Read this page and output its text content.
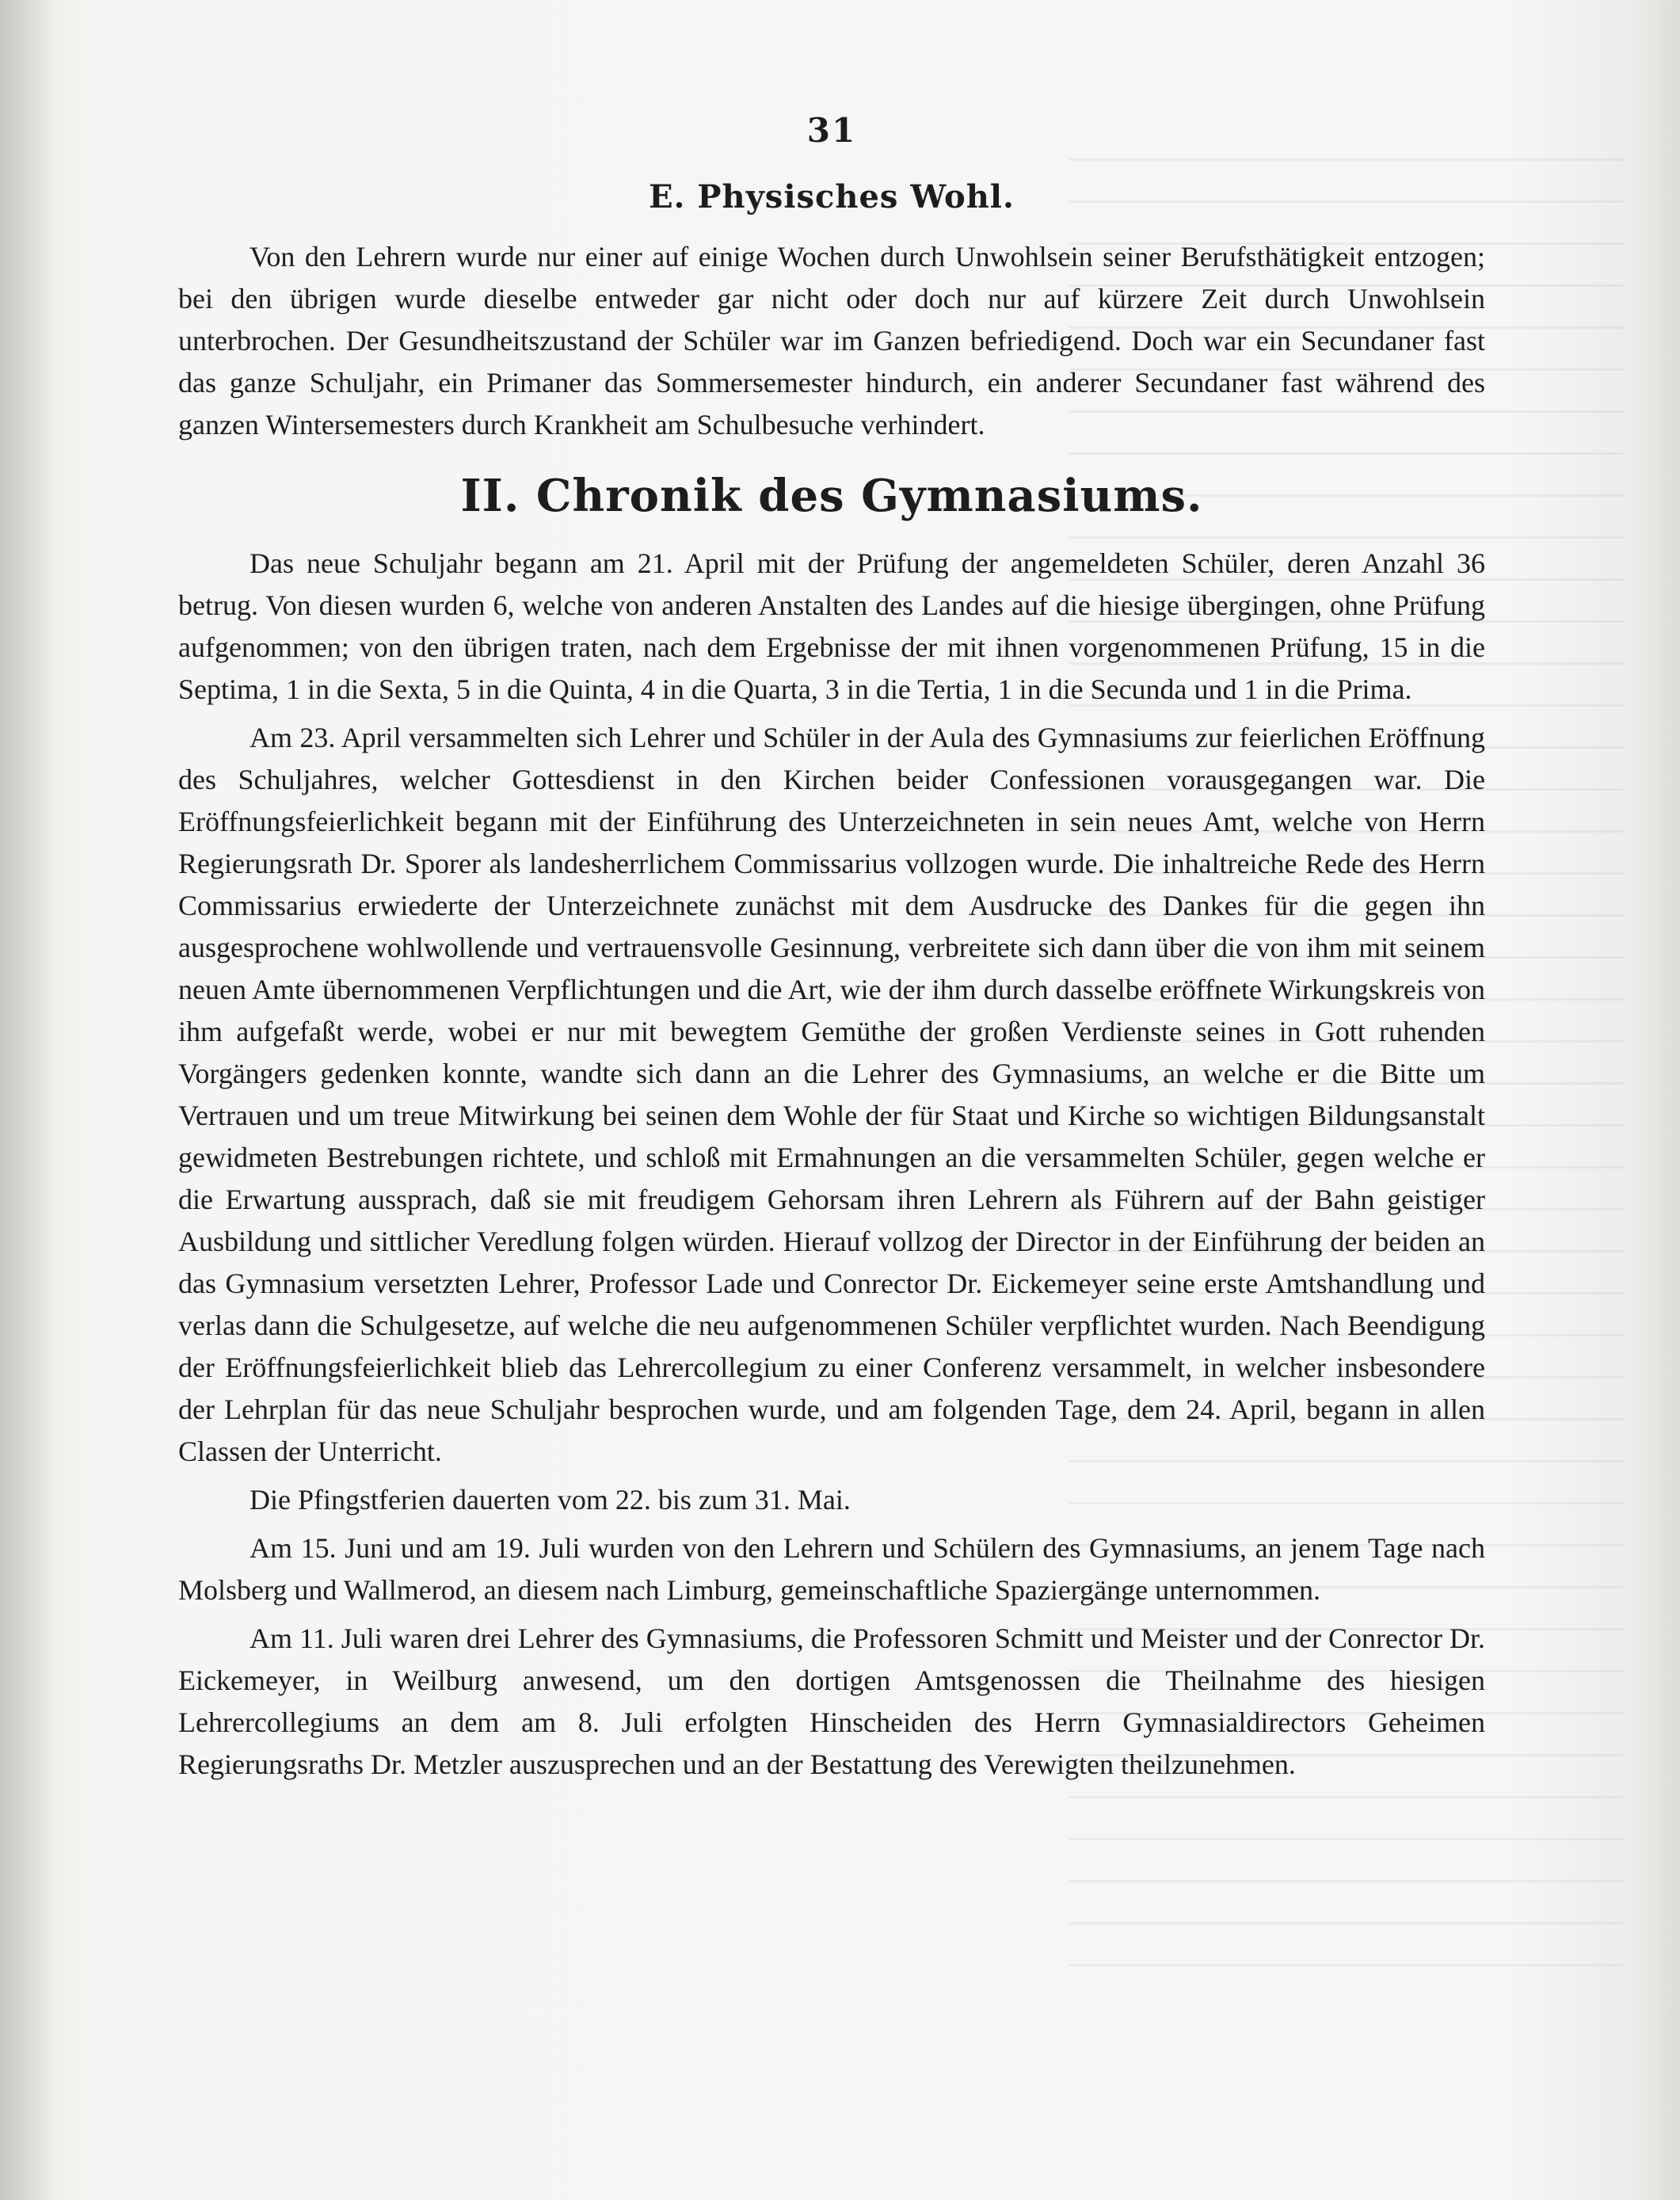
31
E. Physisches Wohl.

Von den Lehrern wurde nur einer auf einige Wochen durch Unwohlsein seiner Berufsthätigkeit entzogen; bei den übrigen wurde dieselbe entweder gar nicht oder doch nur auf kürzere Zeit durch Unwohlsein unterbrochen. Der Gesundheitszustand der Schüler war im Ganzen befriedigend. Doch war ein Secundaner fast das ganze Schuljahr, ein Primaner das Sommersemester hindurch, ein anderer Secundaner fast während des ganzen Wintersemesters durch Krankheit am Schulbesuche verhindert.

II. Chronik des Gymnasiums.

Das neue Schuljahr begann am 21. April mit der Prüfung der angemeldeten Schüler, deren Anzahl 36 betrug. Von diesen wurden 6, welche von anderen Anstalten des Landes auf die hiesige übergingen, ohne Prüfung aufgenommen; von den übrigen traten, nach dem Ergebnisse der mit ihnen vorgenommenen Prüfung, 15 in die Septima, 1 in die Sexta, 5 in die Quinta, 4 in die Quarta, 3 in die Tertia, 1 in die Secunda und 1 in die Prima.

Am 23. April versammelten sich Lehrer und Schüler in der Aula des Gymnasiums zur feierlichen Eröffnung des Schuljahres, welcher Gottesdienst in den Kirchen beider Confessionen vorausgegangen war. Die Eröffnungsfeierlichkeit begann mit der Einführung des Unterzeichneten in sein neues Amt, welche von Herrn Regierungsrath Dr. Sporer als landesherrlichem Commissarius vollzogen wurde. Die inhaltreiche Rede des Herrn Commissarius erwiederte der Unterzeichnete zunächst mit dem Ausdrucke des Dankes für die gegen ihn ausgesprochene wohlwollende und vertrauensvolle Gesinnung, verbreitete sich dann über die von ihm mit seinem neuen Amte übernommenen Verpflichtungen und die Art, wie der ihm durch dasselbe eröffnete Wirkungskreis von ihm aufgefaßt werde, wobei er nur mit bewegtem Gemüthe der großen Verdienste seines in Gott ruhenden Vorgängers gedenken konnte, wandte sich dann an die Lehrer des Gymnasiums, an welche er die Bitte um Vertrauen und um treue Mitwirkung bei seinen dem Wohle der für Staat und Kirche so wichtigen Bildungsanstalt gewidmeten Bestrebungen richtete, und schloß mit Ermahnungen an die versammelten Schüler, gegen welche er die Erwartung aussprach, daß sie mit freudigem Gehorsam ihren Lehrern als Führern auf der Bahn geistiger Ausbildung und sittlicher Veredlung folgen würden. Hierauf vollzog der Director in der Einführung der beiden an das Gymnasium versetzten Lehrer, Professor Lade und Conrector Dr. Eickemeyer seine erste Amtshandlung und verlas dann die Schulgesetze, auf welche die neu aufgenommenen Schüler verpflichtet wurden. Nach Beendigung der Eröffnungsfeierlichkeit blieb das Lehrercollegium zu einer Conferenz versammelt, in welcher insbesondere der Lehrplan für das neue Schuljahr besprochen wurde, und am folgenden Tage, dem 24. April, begann in allen Classen der Unterricht.

Die Pfingstferien dauerten vom 22. bis zum 31. Mai.

Am 15. Juni und am 19. Juli wurden von den Lehrern und Schülern des Gymnasiums, an jenem Tage nach Molsberg und Wallmerod, an diesem nach Limburg, gemeinschaftliche Spaziergänge unternommen.

Am 11. Juli waren drei Lehrer des Gymnasiums, die Professoren Schmitt und Meister und der Conrector Dr. Eickemeyer, in Weilburg anwesend, um den dortigen Amtsgenossen die Theilnahme des hiesigen Lehrercollegiums an dem am 8. Juli erfolgten Hinscheiden des Herrn Gymnasialdirectors Geheimen Regierungsraths Dr. Metzler auszusprechen und an der Bestattung des Verewigten theilzunehmen.
